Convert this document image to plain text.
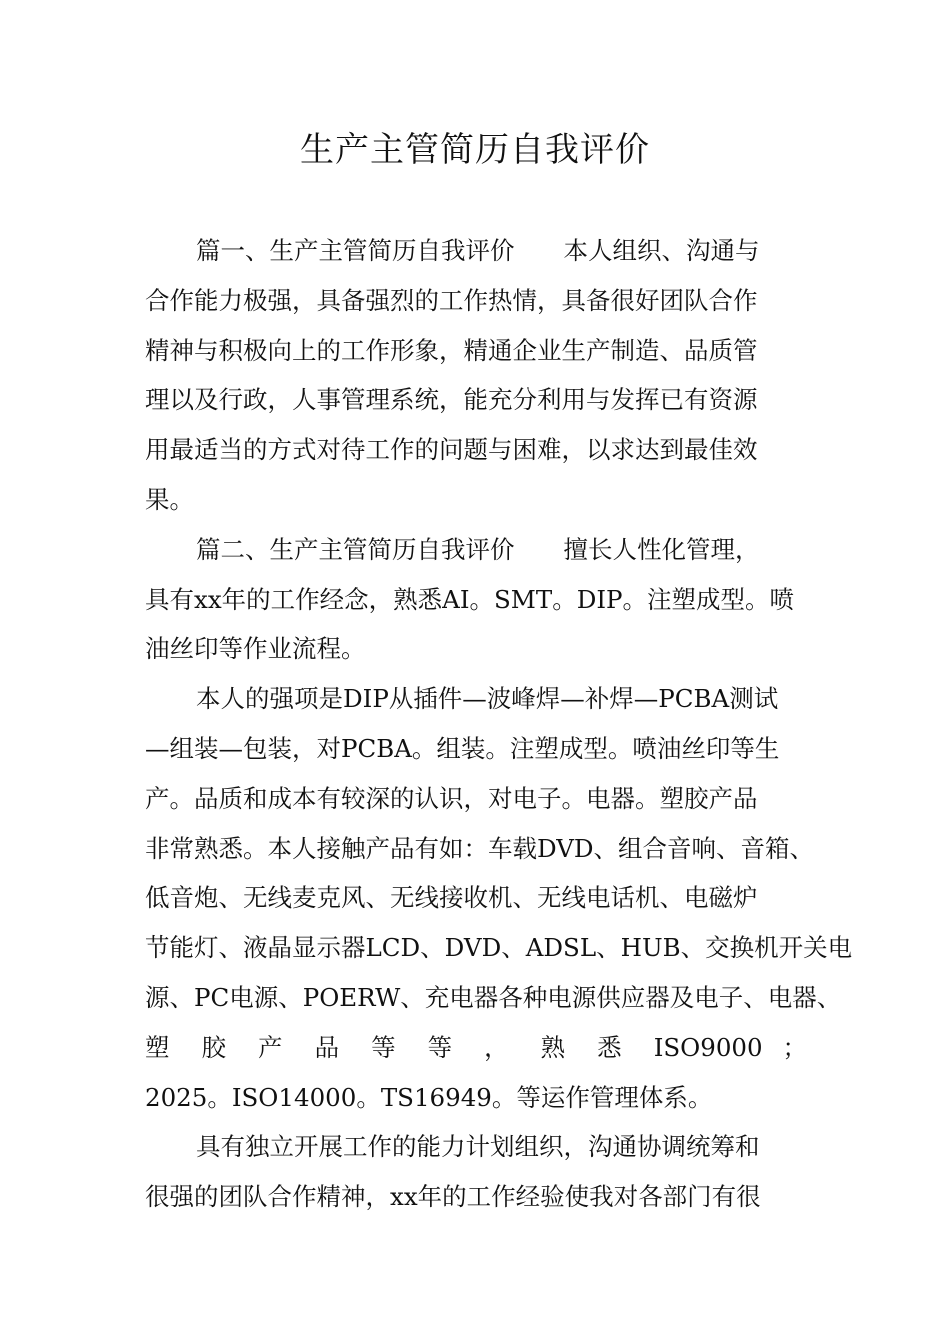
生产主管简历自我评价
篇一、生产主管简历自我评价　　本人组织、沟通与
合作能力极强，具备强烈的工作热情，具备很好团队合作
精神与积极向上的工作形象，精通企业生产制造、品质管
理以及行政，人事管理系统，能充分利用与发挥已有资源
用最适当的方式对待工作的问题与困难，以求达到最佳效
果。
篇二、生产主管简历自我评价　　擅长人性化管理，
具有xx年的工作经念，熟悉AI。SMT。DIP。注塑成型。喷
油丝印等作业流程。
本人的强项是DIP从插件—波峰焊—补焊—PCBA测试
—组装—包装，对PCBA。组装。注塑成型。喷油丝印等生
产。品质和成本有较深的认识，对电子。电器。塑胶产品
非常熟悉。本人接触产品有如：车载DVD、组合音响、音箱、
低音炮、无线麦克风、无线接收机、无线电话机、电磁炉
节能灯、液晶显示器LCD、DVD、ADSL、HUB、交换机开关电
源、PC电源、POERW、充电器各种电源供应器及电子、电器、
塑 胶 产 品 等 等 ， 熟 悉 ISO9000 ；
2025。ISO14000。TS16949。等运作管理体系。
具有独立开展工作的能力计划组织，沟通协调统筹和
很强的团队合作精神，xx年的工作经验使我对各部门有很
